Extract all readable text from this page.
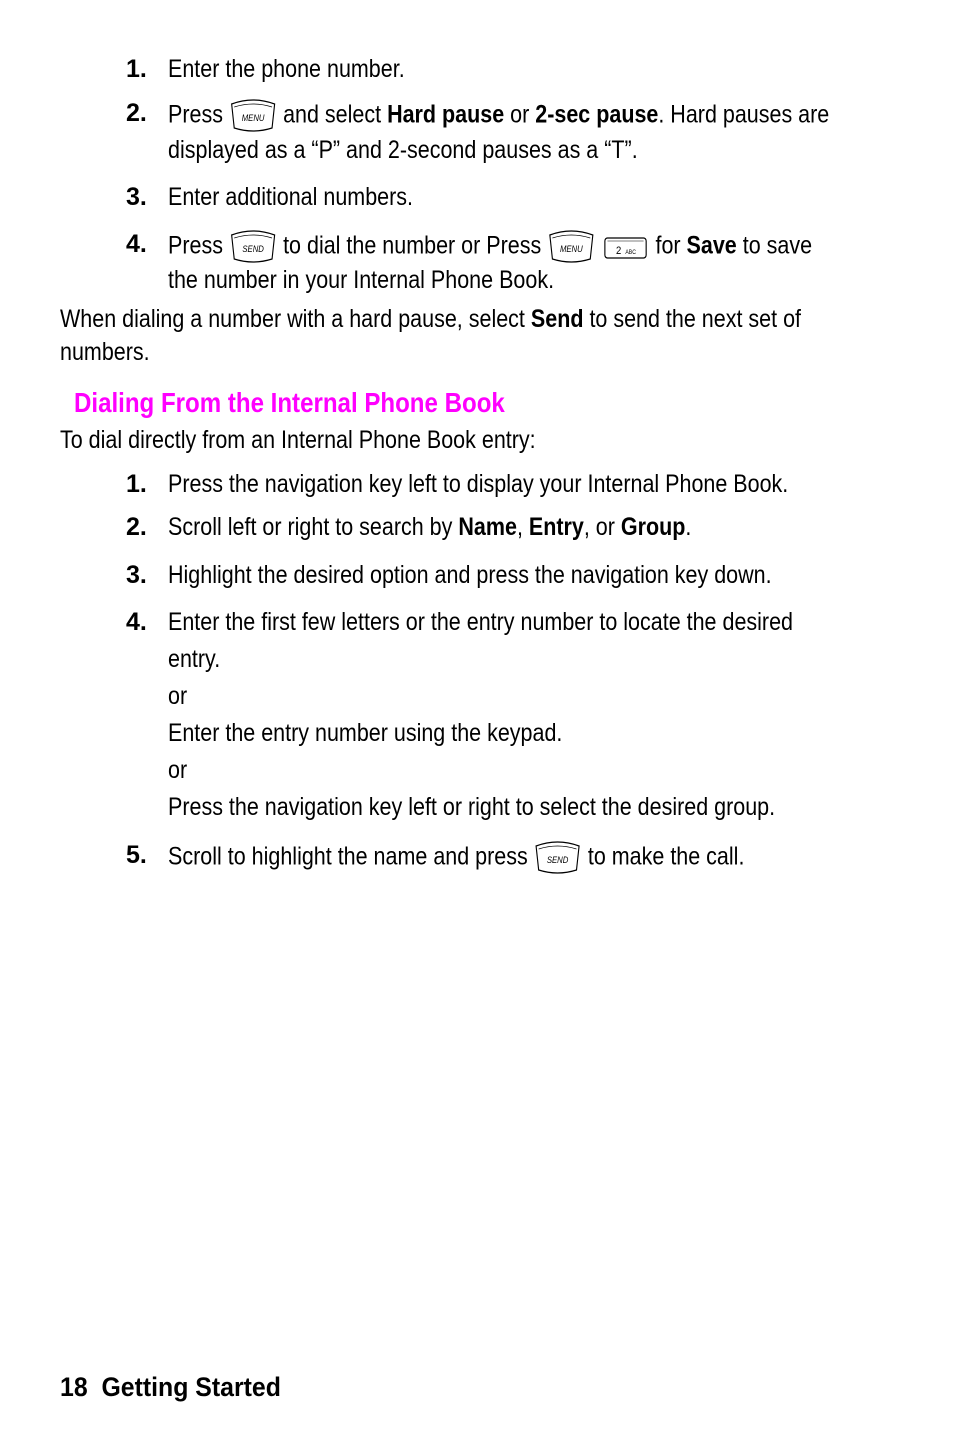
1. Enter the phone number.
2. Press MENU and select Hard pause or 2-sec pause. Hard pauses are
displayed as a “P” and 2-second pauses as a “T”.
3. Enter additional numbers.
4. Press SEND to dial the number or Press MENU
	2 ABC for Save to save
the number in your Internal Phone Book.
When dialing a number with a hard pause, select Send to send the next set of
numbers.
Dialing From the Internal Phone Book
To dial directly from an Internal Phone Book entry:
1. Press the navigation key left to display your Internal Phone Book.
2. Scroll left or right to search by Name, Entry, or Group.
3. Highlight the desired option and press the navigation key down.
4. Enter the first few letters or the entry number to locate the desired
entry.
or
Enter the entry number using the keypad.
or
Press the navigation key left or right to select the desired group.
5. Scroll to highlight the name and press SEND to make the call.
18 Getting Started
